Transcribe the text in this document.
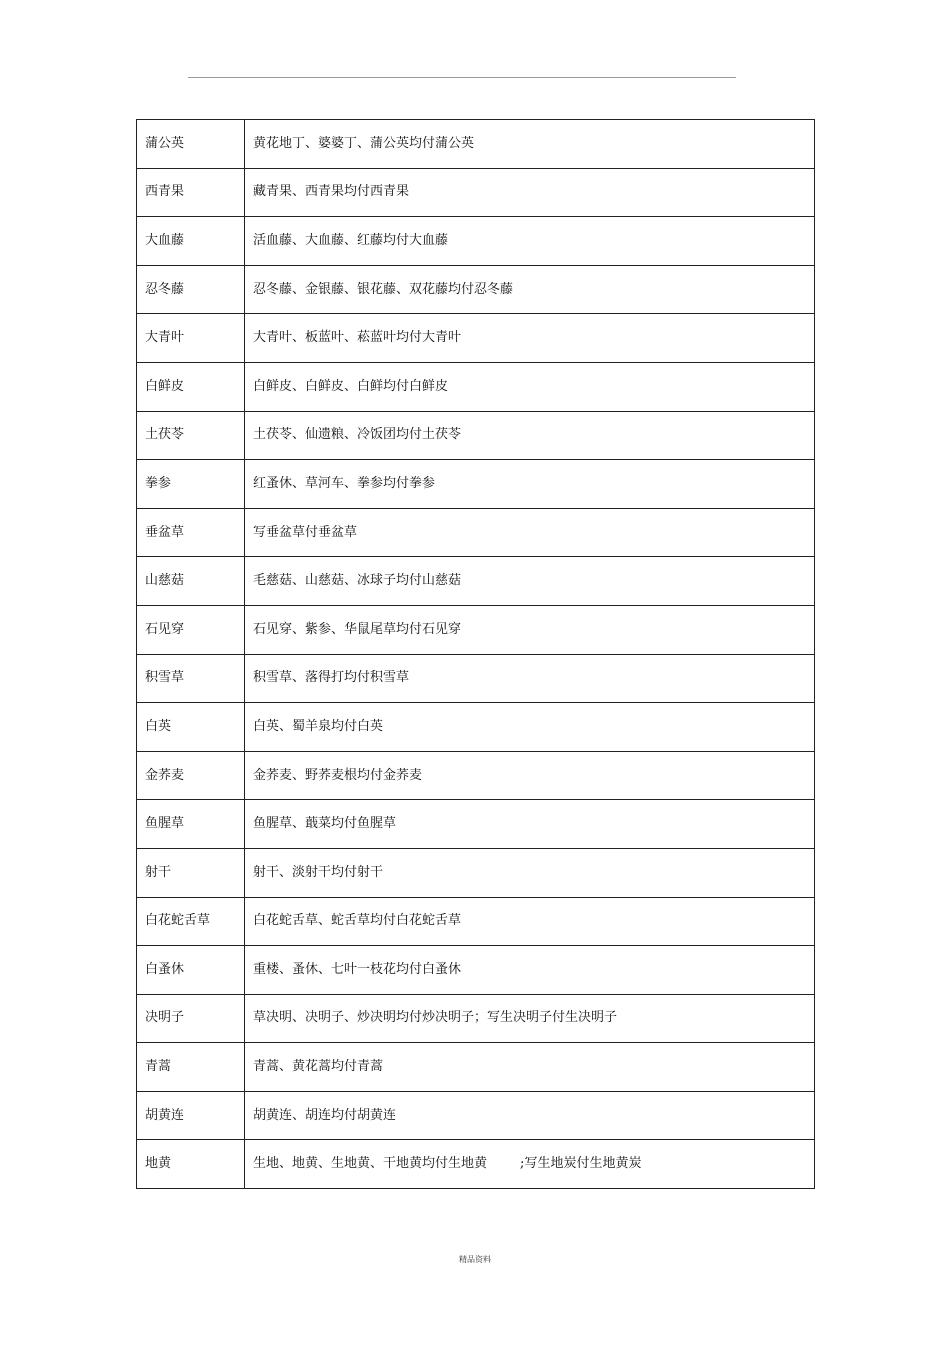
蒲公英	黄花地丁、婆婆丁、蒲公英均付蒲公英
西青果	藏青果、西青果均付西青果
大血藤	活血藤、大血藤、红藤均付大血藤
忍冬藤	忍冬藤、金银藤、银花藤、双花藤均付忍冬藤
大青叶	大青叶、板蓝叶、菘蓝叶均付大青叶
白鲜皮	白鲜皮、白鲜皮、白鲜均付白鲜皮
土茯苓	土茯苓、仙遗粮、冷饭团均付土茯苓
拳参	红蚤休、草河车、拳参均付拳参
垂盆草	写垂盆草付垂盆草
山慈菇	毛慈菇、山慈菇、冰球子均付山慈菇
石见穿	石见穿、紫参、华鼠尾草均付石见穿
积雪草	积雪草、落得打均付积雪草
白英	白英、蜀羊泉均付白英
金荞麦	金荞麦、野荞麦根均付金荞麦
鱼腥草	鱼腥草、蕺菜均付鱼腥草
射干	射干、淡射干均付射干
白花蛇舌草	白花蛇舌草、蛇舌草均付白花蛇舌草
白蚤休	重楼、蚤休、七叶一枝花均付白蚤休
决明子	草决明、决明子、炒决明均付炒决明子；写生决明子付生决明子
青蒿	青蒿、黄花蒿均付青蒿
胡黄连	胡黄连、胡连均付胡黄连
地黄	生地、地黄、生地黄、干地黄均付生地黄        ;写生地炭付生地黄炭
精品资料
